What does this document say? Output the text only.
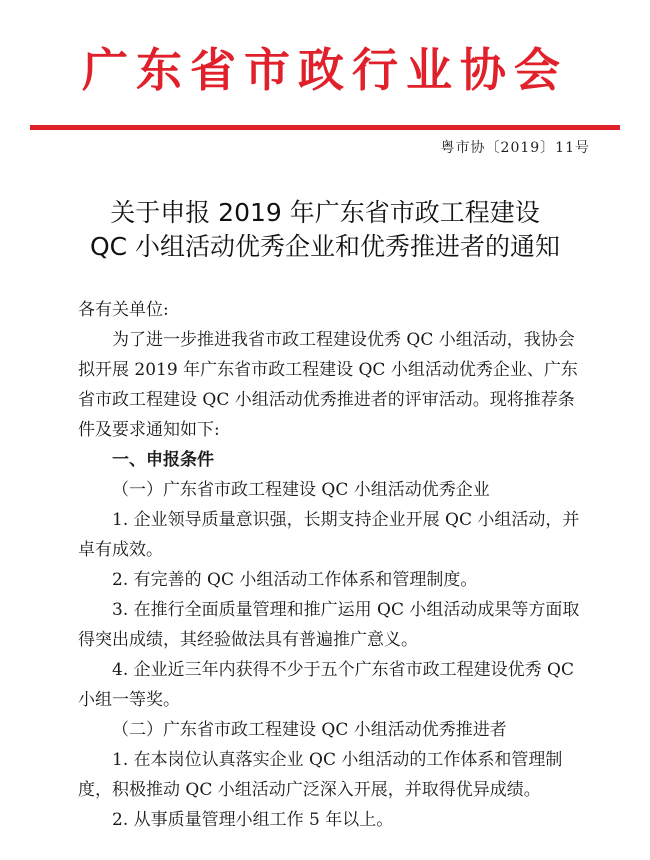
广东省市政行业协会
粤市协〔2019〕11号
关于申报 2019 年广东省市政工程建设
QC 小组活动优秀企业和优秀推进者的通知

各有关单位:

为了进一步推进我省市政工程建设优秀 QC 小组活动，我协会拟开展 2019 年广东省市政工程建设 QC 小组活动优秀企业、广东省市政工程建设 QC 小组活动优秀推进者的评审活动。现将推荐条件及要求通知如下:

一、申报条件

（一）广东省市政工程建设 QC 小组活动优秀企业

1. 企业领导质量意识强，长期支持企业开展 QC 小组活动，并卓有成效。

2. 有完善的 QC 小组活动工作体系和管理制度。

3. 在推行全面质量管理和推广运用 QC 小组活动成果等方面取得突出成绩，其经验做法具有普遍推广意义。

4. 企业近三年内获得不少于五个广东省市政工程建设优秀 QC 小组一等奖。

（二）广东省市政工程建设 QC 小组活动优秀推进者

1. 在本岗位认真落实企业 QC 小组活动的工作体系和管理制度，积极推动 QC 小组活动广泛深入开展，并取得优异成绩。

2. 从事质量管理小组工作 5 年以上。
